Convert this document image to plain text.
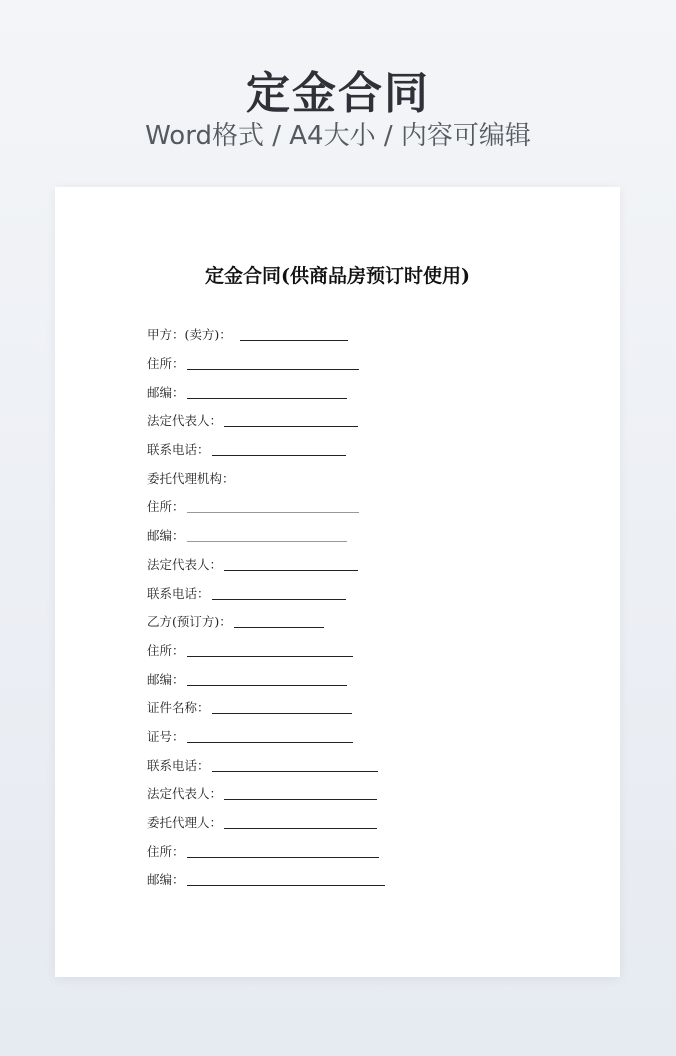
定金合同
Word格式 / A4大小 / 内容可编辑
定金合同(供商品房预订时使用)
甲方：(卖方)：
住所：
邮编：
法定代表人：
联系电话：
委托代理机构：
住所：
邮编：
法定代表人：
联系电话：
乙方(预订方)：
住所：
邮编：
证件名称：
证号：
联系电话：
法定代表人：
委托代理人：
住所：
邮编：
